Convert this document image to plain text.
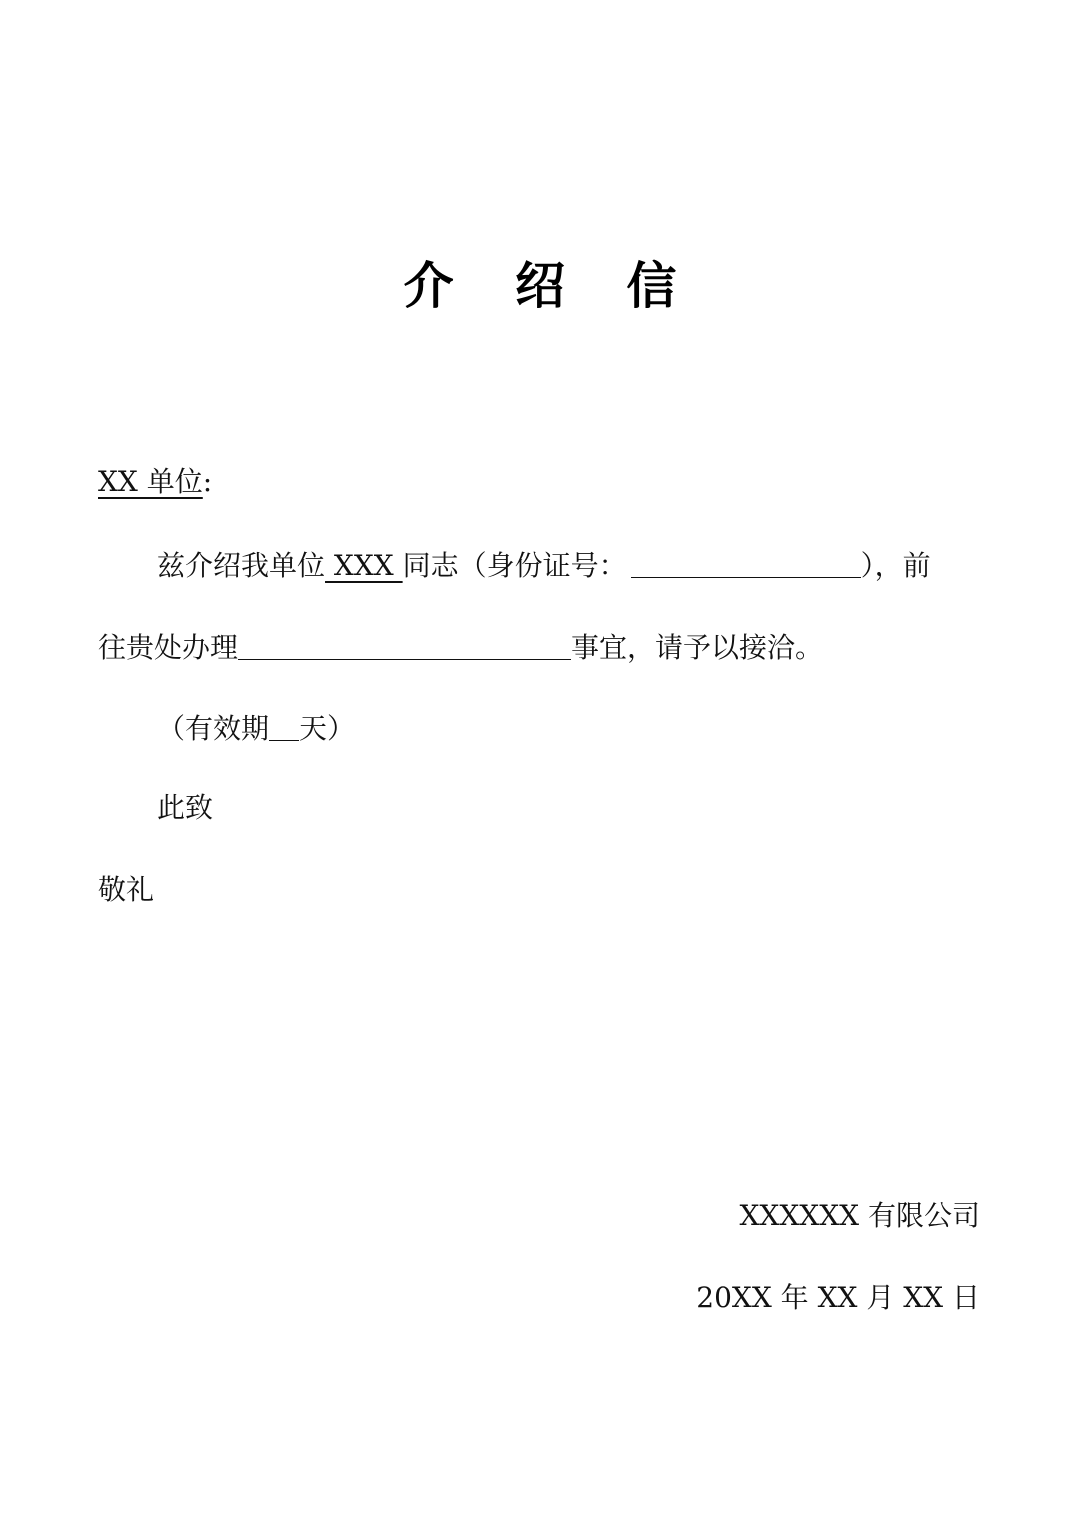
介 绍 信
XX 单位:
兹介绍我单位 XXX 同志（身份证号：	），前
往贵处办理	事宜，请予以接洽。
（有效期 天）
此致
敬礼
XXXXXX 有限公司
20XX 年 XX 月 XX 日
